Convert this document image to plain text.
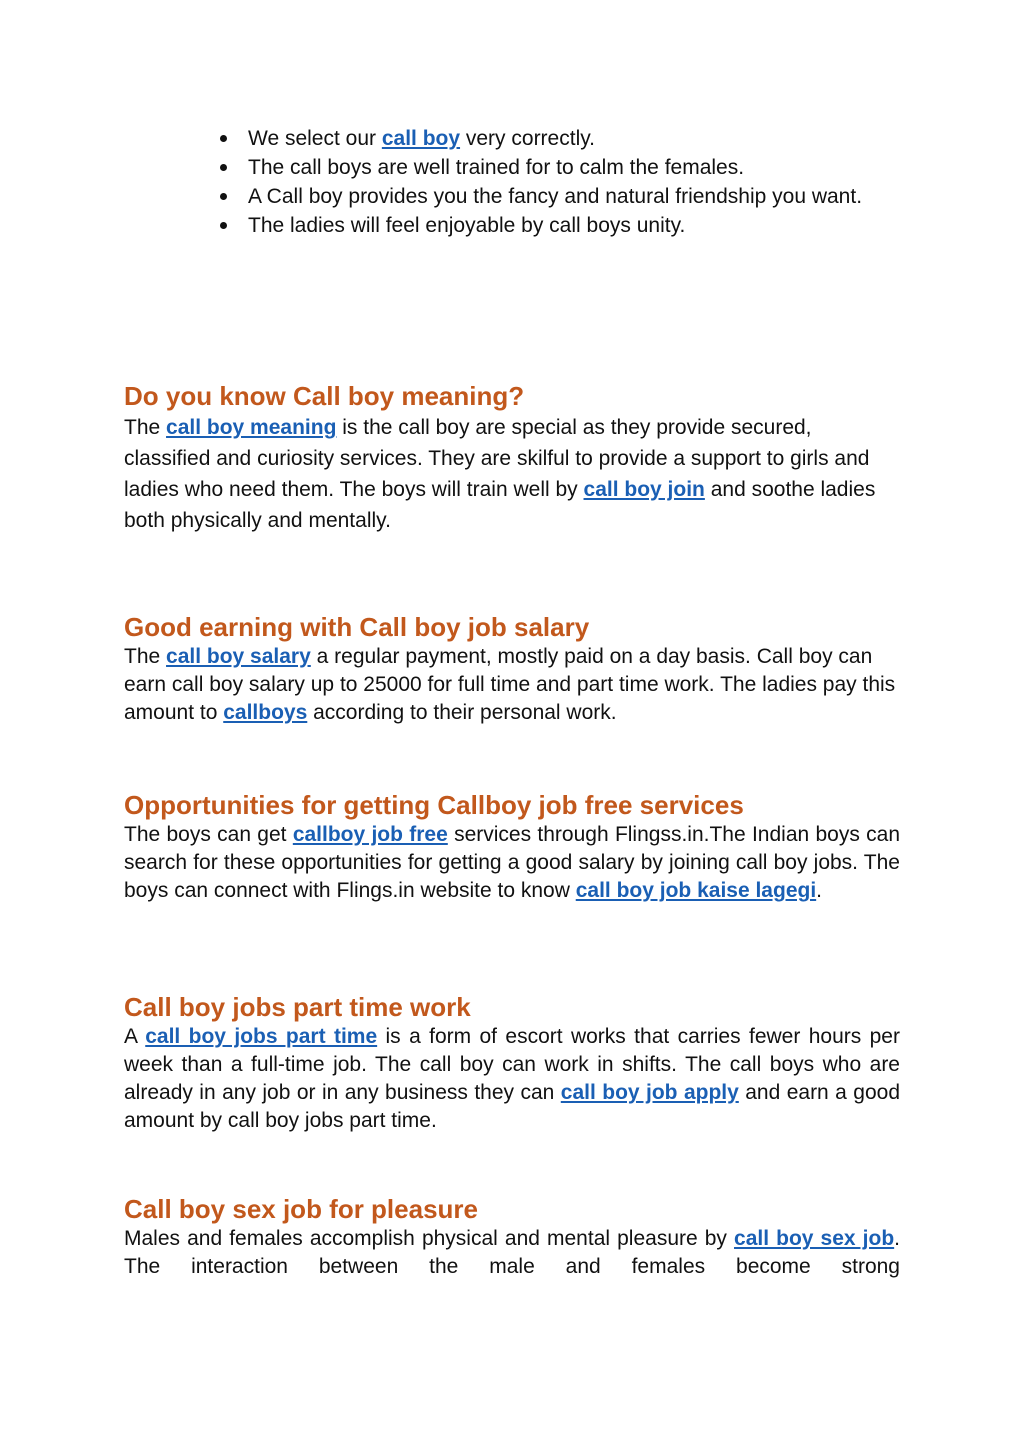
We select our call boy very correctly.
The call boys are well trained for to calm the females.
A Call boy provides you the fancy and natural friendship you want.
The ladies will feel enjoyable by call boys unity.
Do you know Call boy meaning?

The call boy meaning is the call boy are special as they provide secured, classified and curiosity services. They are skilful to provide a support to girls and ladies who need them. The boys will train well by call boy join and soothe ladies both physically and mentally.

Good earning with Call boy job salary

The call boy salary a regular payment, mostly paid on a day basis. Call boy can earn call boy salary up to 25000 for full time and part time work. The ladies pay this amount to callboys according to their personal work.

Opportunities for getting Callboy job free services

The boys can get callboy job free services through Flingss.in.The Indian boys can search for these opportunities for getting a good salary by joining call boy jobs. The boys can connect with Flings.in website to know call boy job kaise lagegi.

Call boy jobs part time work

A call boy jobs part time is a form of escort works that carries fewer hours per week than a full-time job. The call boy can work in shifts. The call boys who are already in any job or in any business they can call boy job apply and earn a good amount by call boy jobs part time.

Call boy sex job for pleasure

Males and females accomplish physical and mental pleasure by call boy sex job. The interaction between the male and females become strong
